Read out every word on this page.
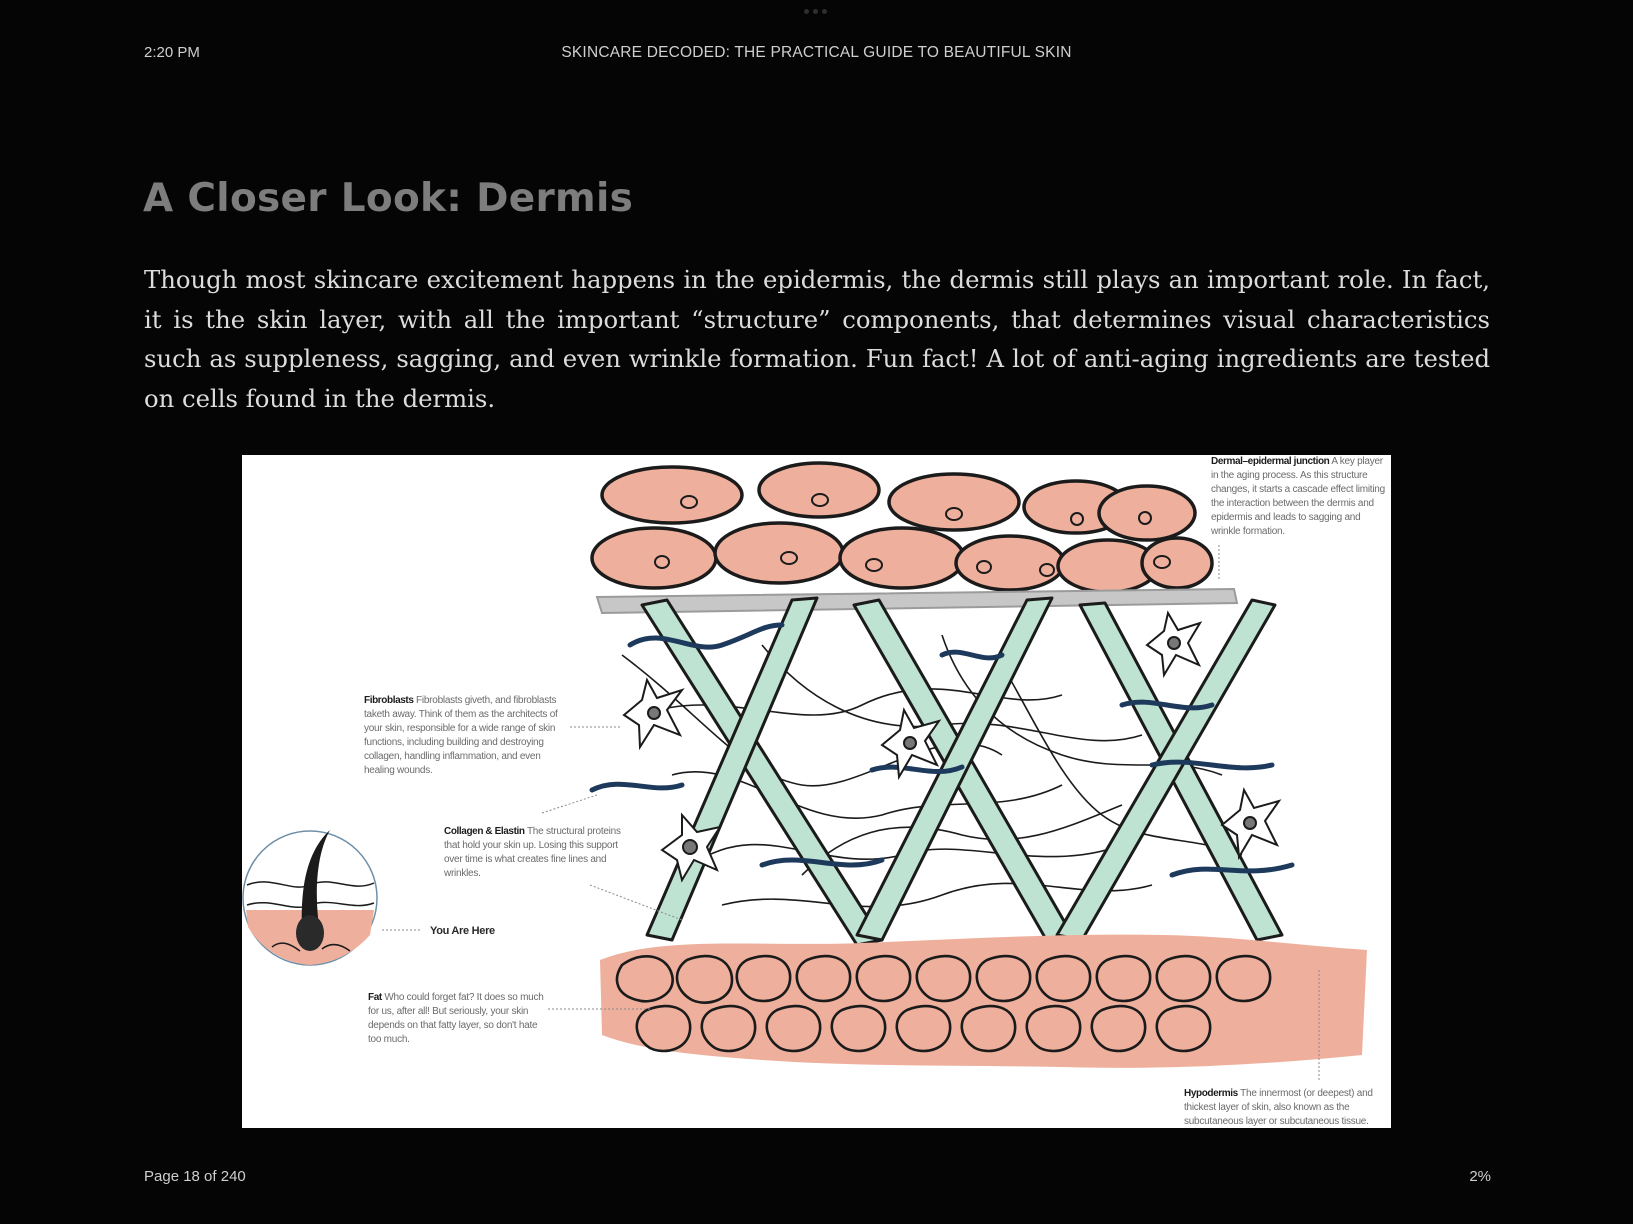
2:20 PM	SKINCARE DECODED: THE PRACTICAL GUIDE TO BEAUTIFUL SKIN
A Closer Look: Dermis

Though most skincare excitement happens in the epidermis, the dermis still plays an important role. In fact, it is the skin layer, with all the important “structure” components, that determines visual characteristics such as suppleness, sagging, and even wrinkle formation. Fun fact! A lot of anti-aging ingredients are tested on cells found in the dermis.

Dermal–epidermal junction A key player in the aging process. As this structure changes, it starts a cascade effect limiting the interaction between the dermis and epidermis and leads to sagging and wrinkle formation.
Fibroblasts Fibroblasts giveth, and fibroblasts taketh away. Think of them as the architects of your skin, responsible for a wide range of skin functions, including building and destroying collagen, handling inflammation, and even healing wounds.
Collagen & Elastin The structural proteins that hold your skin up. Losing this support over time is what creates fine lines and wrinkles.
You Are Here
Fat Who could forget fat? It does so much for us, after all! But seriously, your skin depends on that fatty layer, so don't hate too much.
Hypodermis The innermost (or deepest) and thickest layer of skin, also known as the subcutaneous layer or subcutaneous tissue.
Page 18 of 240	2%
